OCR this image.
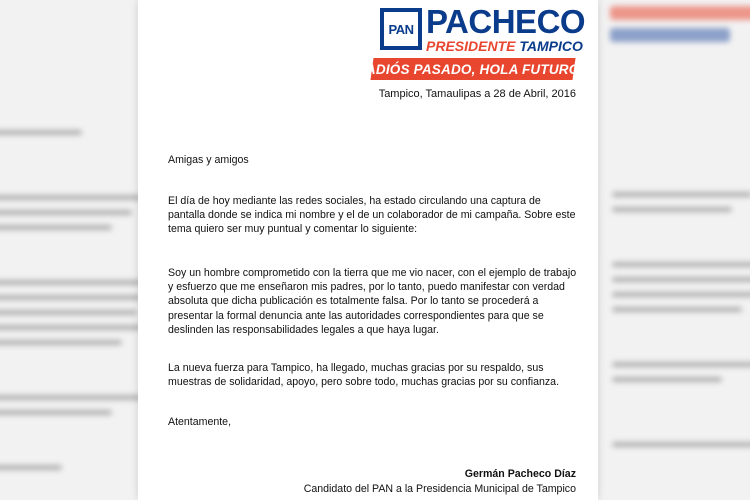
PAN PACHECO
PRESIDENTE TAMPICO
ADIÓS PASADO, HOLA FUTURO
Tampico, Tamaulipas a 28 de Abril, 2016
Amigas y amigos
El día de hoy mediante las redes sociales, ha estado circulando una captura de pantalla donde se indica mi nombre y el de un colaborador de mi campaña. Sobre este tema quiero ser muy puntual y comentar lo siguiente:
Soy un hombre comprometido con la tierra que me vio nacer, con el ejemplo de trabajo y esfuerzo que me enseñaron mis padres, por lo tanto, puedo manifestar con verdad absoluta que dicha publicación es totalmente falsa. Por lo tanto se procederá a presentar la formal denuncia ante las autoridades correspondientes para que se deslinden las responsabilidades legales a que haya lugar.
La nueva fuerza para Tampico, ha llegado, muchas gracias por su respaldo, sus muestras de solidaridad, apoyo, pero sobre todo, muchas gracias por su confianza.
Atentamente,
Germán Pacheco Díaz
Candidato del PAN a la Presidencia Municipal de Tampico
